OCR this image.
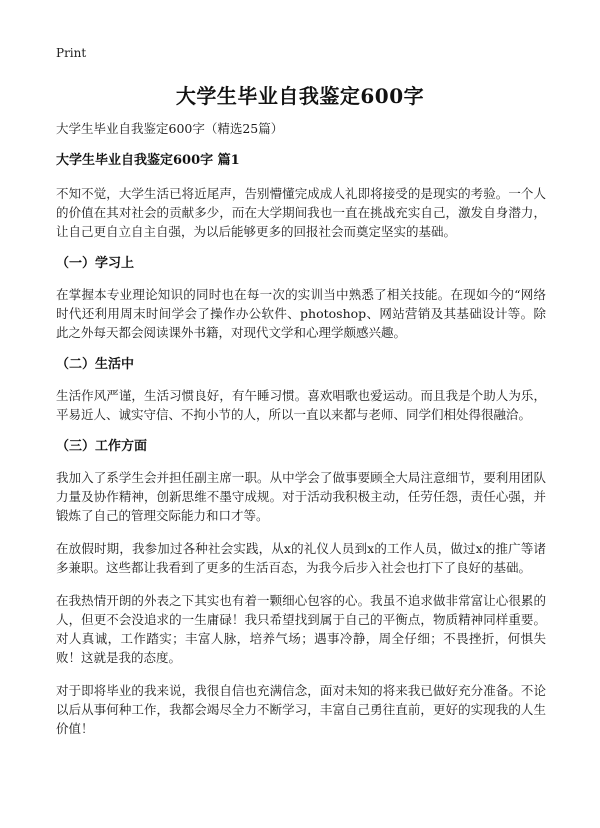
Print
大学生毕业自我鉴定600字

大学生毕业自我鉴定600字（精选25篇）

大学生毕业自我鉴定600字 篇1

不知不觉，大学生活已将近尾声，告别懵懂完成成人礼即将接受的是现实的考验。一个人的价值在其对社会的贡献多少，而在大学期间我也一直在挑战充实自己，激发自身潜力，让自己更自立自主自强，为以后能够更多的回报社会而奠定坚实的基础。

（一）学习上

在掌握本专业理论知识的同时也在每一次的实训当中熟悉了相关技能。在现如今的“网络时代还利用周末时间学会了操作办公软件、photoshop、网站营销及其基础设计等。除此之外每天都会阅读课外书籍，对现代文学和心理学颇感兴趣。

（二）生活中

生活作风严谨，生活习惯良好，有午睡习惯。喜欢唱歌也爱运动。而且我是个助人为乐，平易近人、诚实守信、不拘小节的人，所以一直以来都与老师、同学们相处得很融洽。

（三）工作方面

我加入了系学生会并担任副主席一职。从中学会了做事要顾全大局注意细节，要利用团队力量及协作精神，创新思维不墨守成规。对于活动我积极主动，任劳任怨，责任心强，并锻炼了自己的管理交际能力和口才等。

在放假时期，我参加过各种社会实践，从x的礼仪人员到x的工作人员，做过x的推广等诸多兼职。这些都让我看到了更多的生活百态，为我今后步入社会也打下了良好的基础。

在我热情开朗的外表之下其实也有着一颗细心包容的心。我虽不追求做非常富让心很累的人，但更不会没追求的一生庸碌！我只希望找到属于自己的平衡点，物质精神同样重要。对人真诚，工作踏实；丰富人脉，培养气场；遇事冷静，周全仔细；不畏挫折，何惧失败！这就是我的态度。

对于即将毕业的我来说，我很自信也充满信念，面对未知的将来我已做好充分准备。不论以后从事何种工作，我都会竭尽全力不断学习，丰富自己勇往直前，更好的实现我的人生价值！
